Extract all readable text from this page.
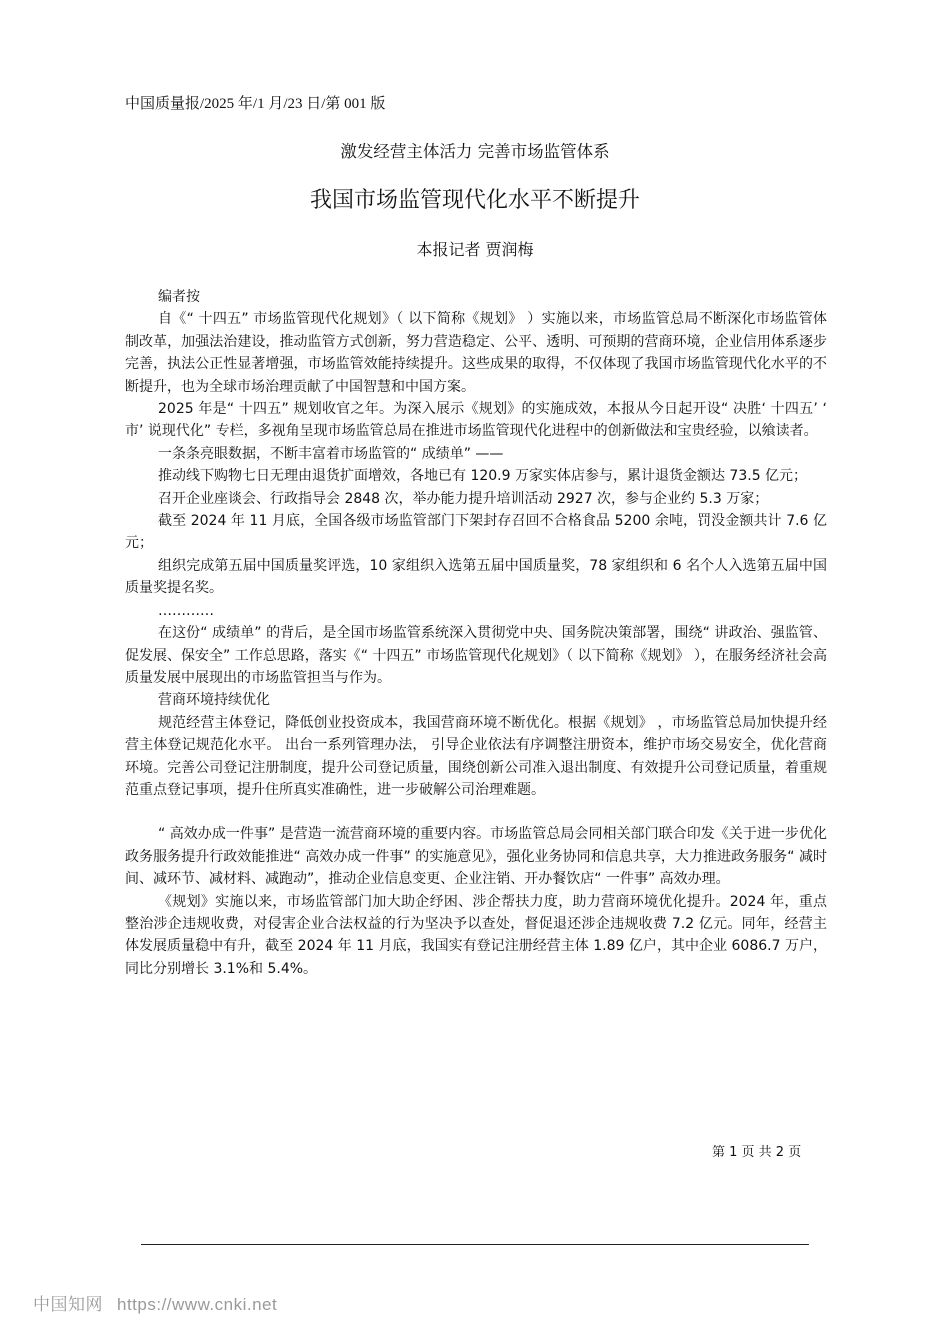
中国质量报/2025 年/1 月/23 日/第 001 版
激发经营主体活力 完善市场监管体系
我国市场监管现代化水平不断提升
本报记者 贾润梅

编者按

自《“ 十四五” 市场监管现代化规划》（ 以下简称《规划》 ）实施以来，市场监管总局不断深化市场监管体制改革，加强法治建设，推动监管方式创新，努力营造稳定、公平、透明、可预期的营商环境，企业信用体系逐步完善，执法公正性显著增强，市场监管效能持续提升。这些成果的取得，不仅体现了我国市场监管现代化水平的不断提升，也为全球市场治理贡献了中国智慧和中国方案。

2025 年是“ 十四五” 规划收官之年。为深入展示《规划》的实施成效，本报从今日起开设“ 决胜‘ 十四五’ ‘ 市’ 说现代化” 专栏，多视角呈现市场监管总局在推进市场监管现代化进程中的创新做法和宝贵经验，以飨读者。

一条条亮眼数据，不断丰富着市场监管的“ 成绩单” ——

推动线下购物七日无理由退货扩面增效，各地已有 120.9 万家实体店参与，累计退货金额达 73.5 亿元；

召开企业座谈会、行政指导会 2848 次，举办能力提升培训活动 2927 次，参与企业约 5.3 万家；

截至 2024 年 11 月底，全国各级市场监管部门下架封存召回不合格食品 5200 余吨，罚没金额共计 7.6 亿元；

组织完成第五届中国质量奖评选，10 家组织入选第五届中国质量奖，78 家组织和 6 名个人入选第五届中国质量奖提名奖。

…………

在这份“ 成绩单” 的背后，是全国市场监管系统深入贯彻党中央、国务院决策部署，围绕“ 讲政治、强监管、促发展、保安全” 工作总思路，落实《“ 十四五” 市场监管现代化规划》（ 以下简称《规划》 ），在服务经济社会高质量发展中展现出的市场监管担当与作为。

营商环境持续优化

规范经营主体登记，降低创业投资成本，我国营商环境不断优化。根据《规划》 ，市场监管总局加快提升经营主体登记规范化水平。 出台一系列管理办法， 引导企业依法有序调整注册资本，维护市场交易安全，优化营商环境。完善公司登记注册制度，提升公司登记质量，围绕创新公司准入退出制度、有效提升公司登记质量，着重规范重点登记事项，提升住所真实准确性，进一步破解公司治理难题。

“ 高效办成一件事” 是营造一流营商环境的重要内容。市场监管总局会同相关部门联合印发《关于进一步优化政务服务提升行政效能推进“ 高效办成一件事” 的实施意见》，强化业务协同和信息共享，大力推进政务服务“ 减时间、减环节、减材料、减跑动”，推动企业信息变更、企业注销、开办餐饮店“ 一件事” 高效办理。

《规划》实施以来，市场监管部门加大助企纾困、涉企帮扶力度，助力营商环境优化提升。2024 年，重点整治涉企违规收费，对侵害企业合法权益的行为坚决予以查处，督促退还涉企违规收费 7.2 亿元。同年，经营主体发展质量稳中有升，截至 2024 年 11 月底，我国实有登记注册经营主体 1.89 亿户，其中企业 6086.7 万户，同比分别增长 3.1%和 5.4%。

第 1 页 共 2 页
中国知网 https://www.cnki.net
